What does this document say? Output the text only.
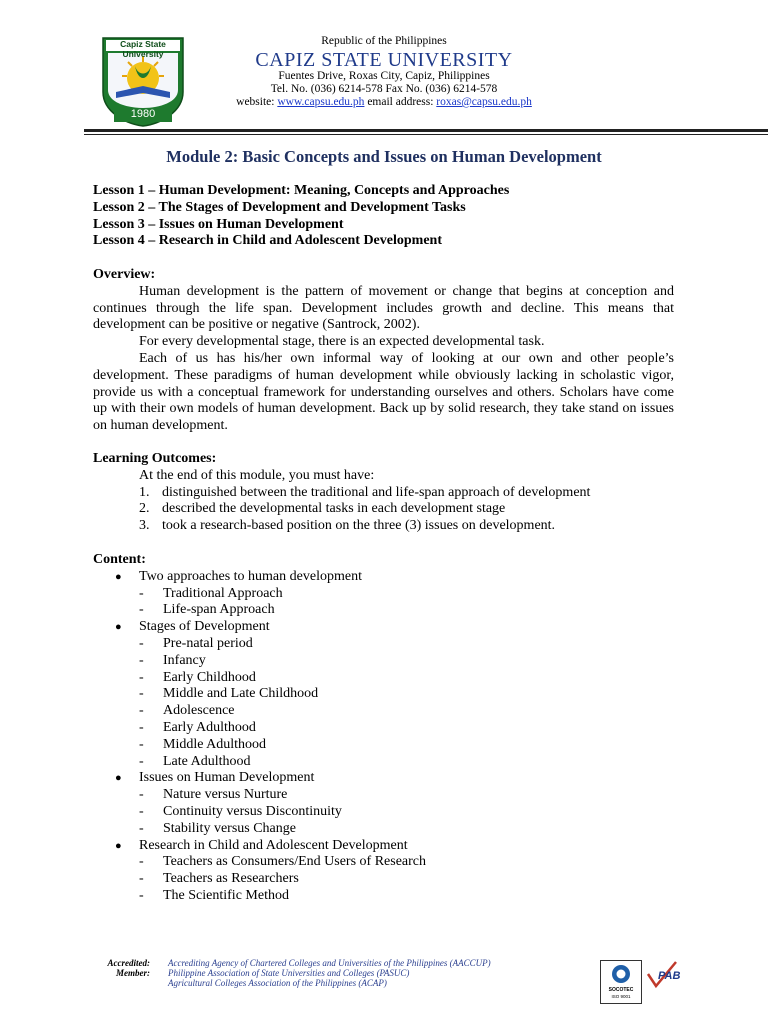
Capiz State University
1980
Republic of the Philippines
CAPIZ STATE UNIVERSITY
Fuentes Drive, Roxas City, Capiz, Philippines
Tel. No. (036) 6214-578 Fax No. (036) 6214-578
website: www.capsu.edu.ph email address: roxas@capsu.edu.ph
Module 2: Basic Concepts and Issues on Human Development
Lesson 1 – Human Development: Meaning, Concepts and Approaches
Lesson 2 – The Stages of Development and Development Tasks
Lesson 3 – Issues on Human Development
Lesson 4 – Research in Child and Adolescent Development
Overview:

Human development is the pattern of movement or change that begins at conception and continues through the life span. Development includes growth and decline. This means that development can be positive or negative (Santrock, 2002).

For every developmental stage, there is an expected developmental task.

Each of us has his/her own informal way of looking at our own and other people’s development. These paradigms of human development while obviously lacking in scholastic vigor, provide us with a conceptual framework for understanding ourselves and others. Scholars have come up with their own models of human development. Back up by solid research, they take stand on issues on human development.

Learning Outcomes:
At the end of this module, you must have:
1. distinguished between the traditional and life-span approach of development
2. described the developmental tasks in each development stage
3. took a research-based position on the three (3) issues on development.
Content:
● Two approaches to human development
- Traditional Approach
- Life-span Approach
● Stages of Development
- Pre-natal period
- Infancy
- Early Childhood
- Middle and Late Childhood
- Adolescence
- Early Adulthood
- Middle Adulthood
- Late Adulthood
● Issues on Human Development
- Nature versus Nurture
- Continuity versus Discontinuity
- Stability versus Change
● Research in Child and Adolescent Development
- Teachers as Consumers/End Users of Research
- Teachers as Researchers
- The Scientific Method
Accredited: Accrediting Agency of Chartered Colleges and Universities of the Philippines (AACCUP)
Member: Philippine Association of State Universities and Colleges (PASUC)
Agricultural Colleges Association of the Philippines (ACAP)
SOCOTEC
ISO 9001
PAB
